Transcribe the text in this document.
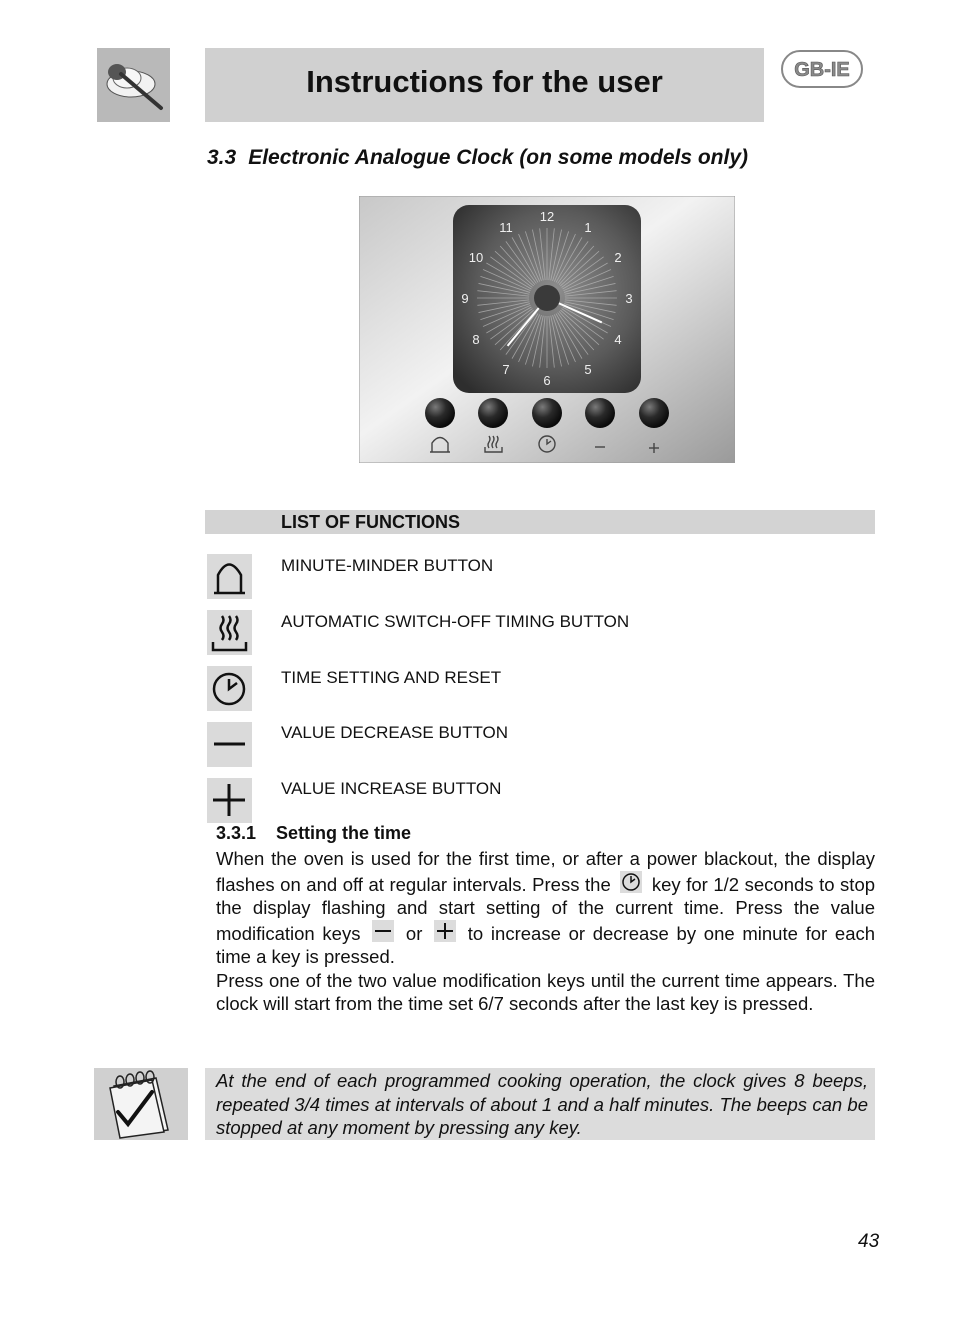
Instructions for the user	GB-IE
3.3 Electronic Analogue Clock (on some models only)
12
1
2
3
4
5
6
7
8
9
10
11
LIST OF FUNCTIONS
MINUTE-MINDER BUTTON
AUTOMATIC SWITCH-OFF TIMING BUTTON
TIME SETTING AND RESET
VALUE DECREASE BUTTON
VALUE INCREASE BUTTON
3.3.1 Setting the time

When the oven is used for the first time, or after a power blackout, the display flashes on and off at regular intervals. Press the key for 1/2 seconds to stop the display flashing and start setting of the current time. Press the value modification keys or to increase or decrease by one minute for each time a key is pressed.

Press one of the two value modification keys until the current time appears. The clock will start from the time set 6/7 seconds after the last key is pressed.

At the end of each programmed cooking operation, the clock gives 8 beeps, repeated 3/4 times at intervals of about 1 and a half minutes. The beeps can be stopped at any moment by pressing any key.
43
